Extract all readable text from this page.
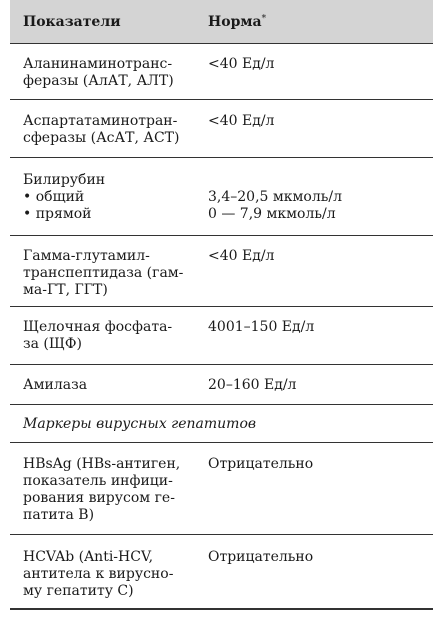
Показатели	Норма*

Аланинаминотранс-
феразы (АлАТ, АЛТ)	<40 Ед/л

Аспартатаминотран-
сферазы (АсАТ, АСТ)	<40 Ед/л

Билирубин
• общий
• прямой	3,4–20,5 мкмоль/л
0 — 7,9 мкмоль/л

Гамма-глутамил-
транспептидаза (гам-
ма-ГТ, ГГТ)	<40 Ед/л

Щелочная фосфата-
за (ЩФ)	4001–150 Ед/л

Амилаза	20–160 Ед/л

Маркеры вирусных гепатитов	

HBsAg (HBs-антиген,
показатель инфици-
рования вирусом ге-
патита В)	Отрицательно

HCVAb (Anti-HCV,
антитела к вирусно-
му гепатиту С)	Отрицательно
